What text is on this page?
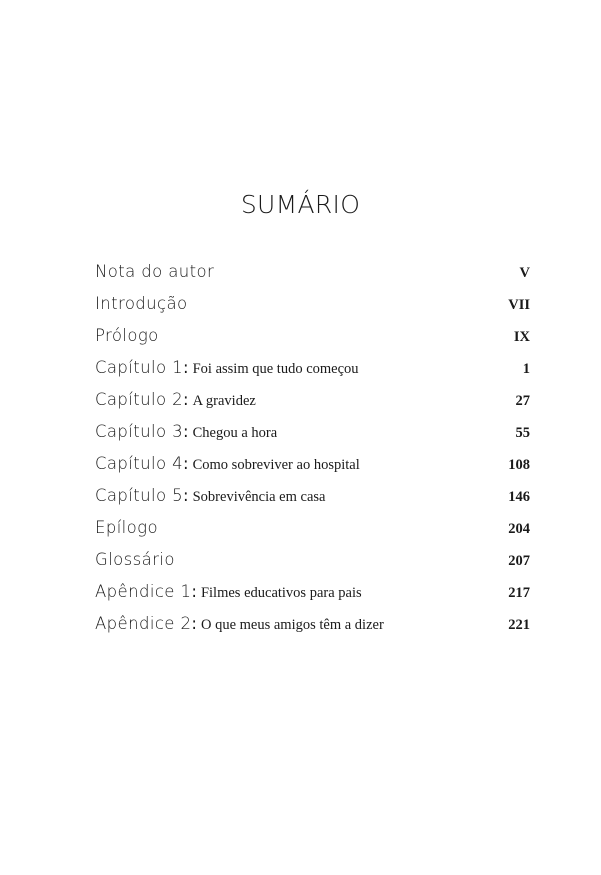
SUMÁRIO
Nota do autor	V
Introdução	VII
Prólogo	IX
Capítulo 1 : Foi assim que tudo começou	1
Capítulo 2 : A gravidez	27
Capítulo 3 : Chegou a hora	55
Capítulo 4 : Como sobreviver ao hospital	108
Capítulo 5 : Sobrevivência em casa	146
Epílogo	204
Glossário	207
Apêndice 1 : Filmes educativos para pais	217
Apêndice 2 : O que meus amigos têm a dizer	221
